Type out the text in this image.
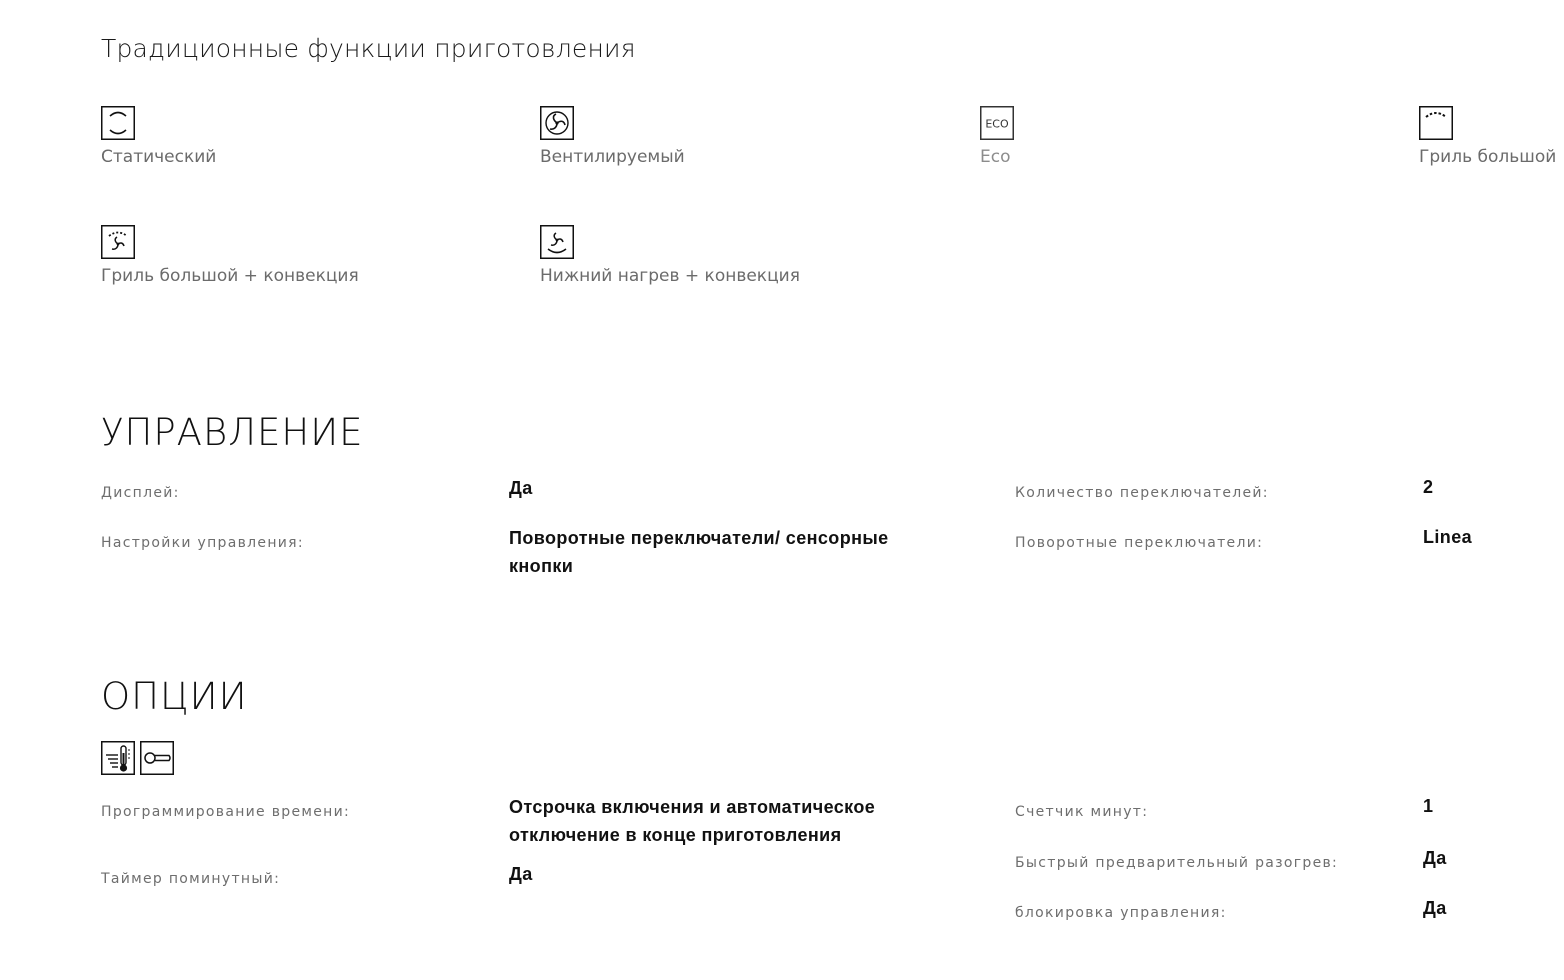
Традиционные функции приготовления
Статический	Вентилируемый
ECO
Eco	Гриль большой
Гриль большой + конвекция	Нижний нагрев + конвекция
УПРАВЛЕНИЕ
Дисплей:	Да
Настройки управления:	Поворотные переключатели/ сенсорные кнопки
Количество переключателей:	2
Поворотные переключатели:	Linea
ОПЦИИ
Программирование времени:	Отсрочка включения и автоматическое отключение в конце приготовления
Таймер поминутный:	Да
Счетчик минут:	1
Быстрый предварительный разогрев:	Да
блокировка управления:	Да
